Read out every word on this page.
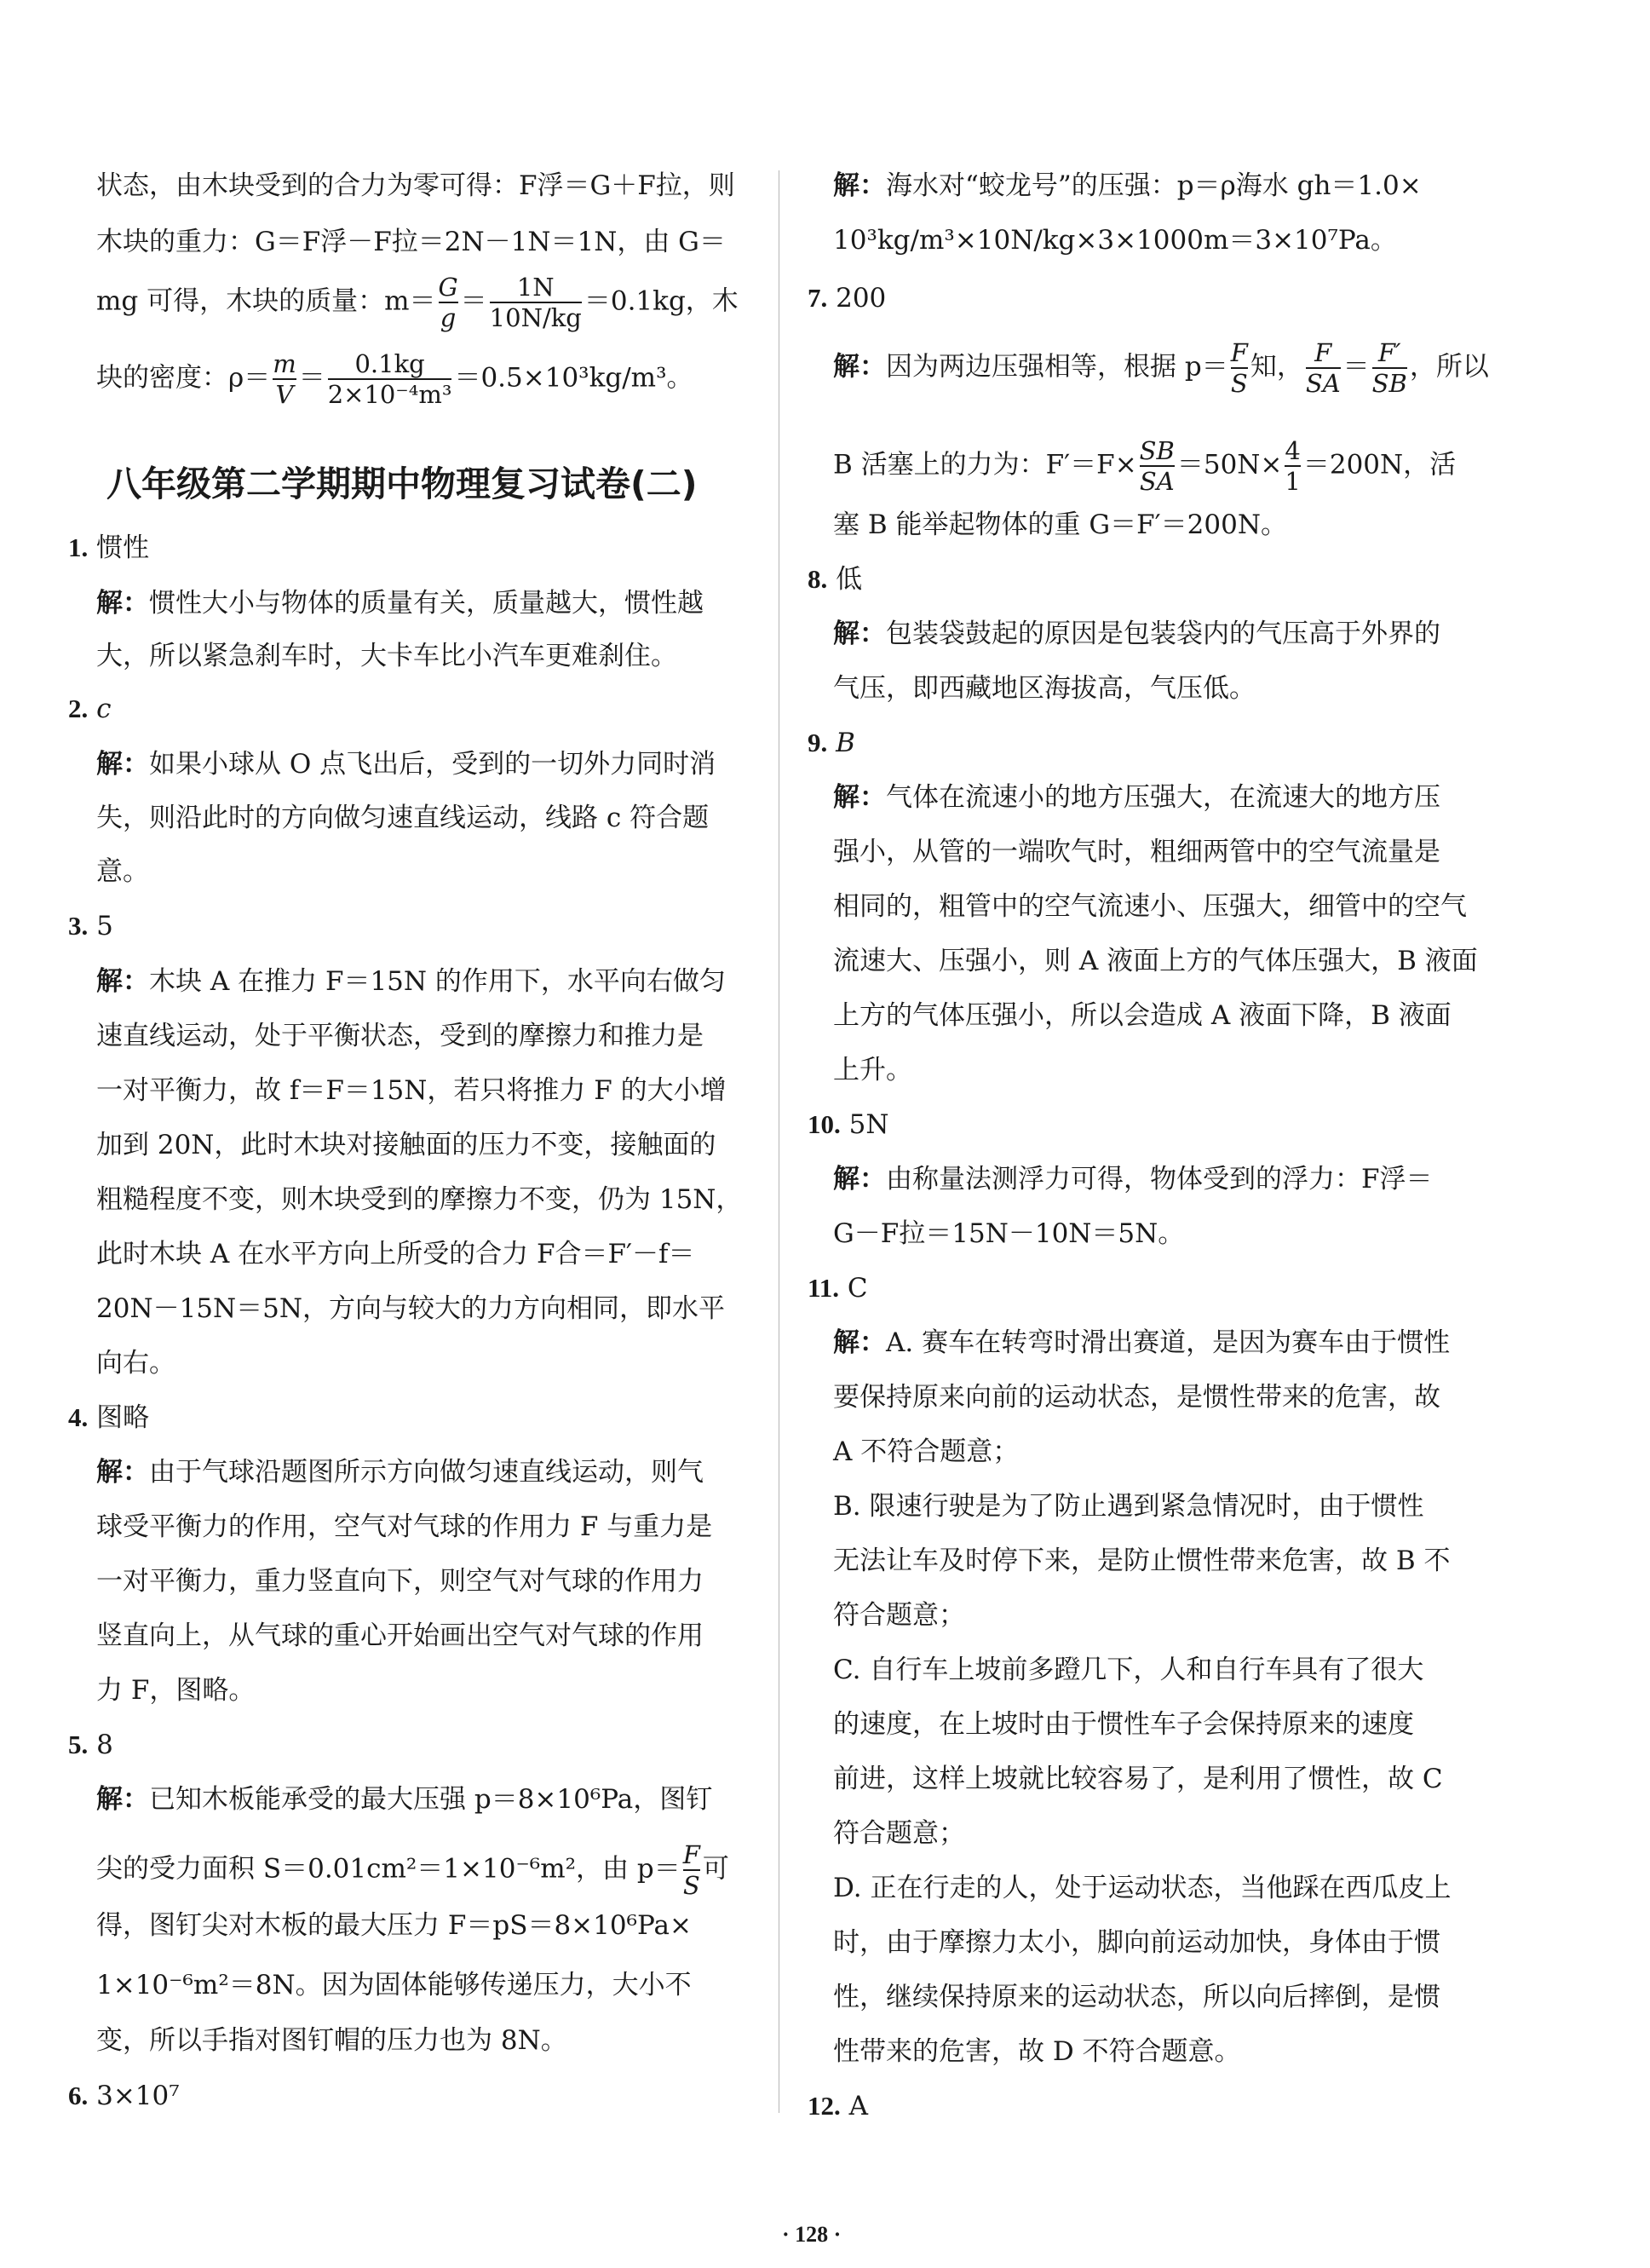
状态，由木块受到的合力为零可得：F浮＝G＋F拉，则
木块的重力：G＝F浮－F拉＝2N－1N＝1N，由 G＝
mg 可得，木块的质量：$m= \frac{G}{g} = \frac{1N}{10N/kg} =0.1kg$，木
块的密度：$\rho= \frac{m}{V} = \frac{0.1kg}{\text{2×10⁻⁴m³}} =0.5\times 10^3kg/m^3$。
八年级第二学期期中物理复习试卷(二)
1. 惯性
解：惯性大小与物体的质量有关，质量越大，惯性越
大，所以紧急刹车时，大卡车比小汽车更难刹住。
2. c
解：如果小球从 O 点飞出后，受到的一切外力同时消
失，则沿此时的方向做匀速直线运动，线路 c 符合题
意。
3. 5
解：木块 A 在推力 F＝15N 的作用下，水平向右做匀
速直线运动，处于平衡状态，受到的摩擦力和推力是
一对平衡力，故 f＝F＝15N，若只将推力 F 的大小增
加到 20N，此时木块对接触面的压力不变，接触面的
粗糙程度不变，则木块受到的摩擦力不变，仍为 15N，
此时木块 A 在水平方向上所受的合力 F合＝F′－f＝
20N－15N＝5N，方向与较大的力方向相同，即水平
向右。
4. 图略
解：由于气球沿题图所示方向做匀速直线运动，则气
球受平衡力的作用，空气对气球的作用力 F 与重力是
一对平衡力，重力竖直向下，则空气对气球的作用力
竖直向上，从气球的重心开始画出空气对气球的作用
力 F，图略。
5. 8
解：已知木板能承受的最大压强 p＝8×10⁶Pa，图钉
尖的受力面积 S＝0.01cm²＝1×10⁻⁶m²，由 $p= \frac{F}{S}$ 可
得，图钉尖对木板的最大压力 F＝pS＝8×10⁶Pa×
1×10⁻⁶m²＝8N。因为固体能够传递压力，大小不
变，所以手指对图钉帽的压力也为 8N。
6. 3×10⁷
解：海水对“蛟龙号”的压强：p＝ρ海水 gh＝1.0×
10³kg/m³×10N/kg×3×1000m＝3×10⁷Pa。
7. 200
解：因为两边压强相等，根据 $p= \frac{F}{S}$ 知， $\frac{F}{SA} = \frac{F'}{SB}$ ，所以
B 活塞上的力为：$F'=F\times \frac{SB}{SA} =50N\times \frac{4}{1} =200N$，活
塞 B 能举起物体的重 G＝F′＝200N。
8. 低
解：包装袋鼓起的原因是包装袋内的气压高于外界的
气压，即西藏地区海拔高，气压低。
9. B
解：气体在流速小的地方压强大，在流速大的地方压
强小，从管的一端吹气时，粗细两管中的空气流量是
相同的，粗管中的空气流速小、压强大，细管中的空气
流速大、压强小，则 A 液面上方的气体压强大，B 液面
上方的气体压强小，所以会造成 A 液面下降，B 液面
上升。
10. 5N
解：由称量法测浮力可得，物体受到的浮力：F浮＝
G－F拉＝15N－10N＝5N。
11. C
解：A. 赛车在转弯时滑出赛道，是因为赛车由于惯性
要保持原来向前的运动状态，是惯性带来的危害，故
A 不符合题意；
B. 限速行驶是为了防止遇到紧急情况时，由于惯性
无法让车及时停下来，是防止惯性带来危害，故 B 不
符合题意；
C. 自行车上坡前多蹬几下，人和自行车具有了很大
的速度，在上坡时由于惯性车子会保持原来的速度
前进，这样上坡就比较容易了，是利用了惯性，故 C
符合题意；
D. 正在行走的人，处于运动状态，当他踩在西瓜皮上
时，由于摩擦力太小，脚向前运动加快，身体由于惯
性，继续保持原来的运动状态，所以向后摔倒，是惯
性带来的危害，故 D 不符合题意。
12. A
· 128 ·
